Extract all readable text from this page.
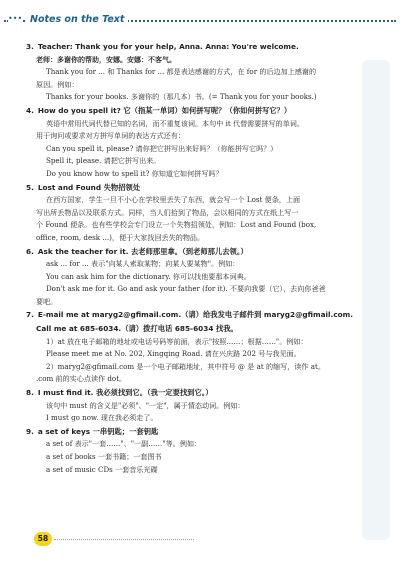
••• Notes on the Text
3. Teacher: Thank you for your help, Anna. Anna: You're welcome.
老师：多谢你的帮助，安娜。安娜：不客气。
Thank you for ... 和 Thanks for ... 都是表达感谢的方式，在 for 的后边加上感谢的
原因。例如：
Thanks for your books. 多谢你的（那几本）书。(= Thank you for your books.)
4. How do you spell it? 它（指某一单词）如何拼写呢？（你如何拼写它？）
英语中常用代词代替已知的名词，而不重复该词。本句中 it 代替需要拼写的单词。
用于询问或要求对方拼写单词的表达方式还有：
Can you spell it, please? 请你把它拼写出来好吗？（你能拼写它吗？）
Spell it, please. 请把它拼写出来。
Do you know how to spell it? 你知道它如何拼写吗？
5. Lost and Found 失物招领处
在西方国家，学生一旦不小心在学校里丢失了东西，就会写一个 Lost 便条，上面
写出所丢物品以及联系方式。同样，当人们拾到了物品，会以相同的方式在纸上写一
个 Found 便条。也有些学校会专门设立一个失物招领处，例如：Lost and Found (box,
office, room, desk ...)，便于大家找回丢失的物品。
6. Ask the teacher for it. 去老师那里拿。（到老师那儿去领。）
ask ... for ... 表示"向某人索取某物；向某人要某物"。例如：
You can ask him for the dictionary. 你可以找他要那本词典。
Don't ask me for it. Go and ask your father (for it). 不要向我要（它），去向你爸爸
要吧。
7. E-mail me at maryg2@gfimail.com.（请）给我发电子邮件到 maryg2@gfimail.com.
Call me at 685-6034.（请）拨打电话 685-6034 找我。
1）at 放在电子邮箱的地址或电话号码等前面，表示"按照……；根据……"。例如：
Please meet me at No. 202, Xingqing Road. 请在兴庆路 202 号与我见面。
2）maryg2@gfimail.com 是一个电子邮箱地址，其中符号 @ 是 at 的缩写，读作 at。
.com 前的实心点读作 dot。
8. I must find it. 我必须找到它。（我一定要找到它。）
该句中 must 的含义是"必须"、"一定"，属于情态动词。例如：
I must go now. 现在我必须走了。
9. a set of keys 一串钥匙；一套钥匙
a set of 表示"一套……"、"一副……"等。例如：
a set of books 一套书籍；一套图书
a set of music CDs 一套音乐光碟
58
